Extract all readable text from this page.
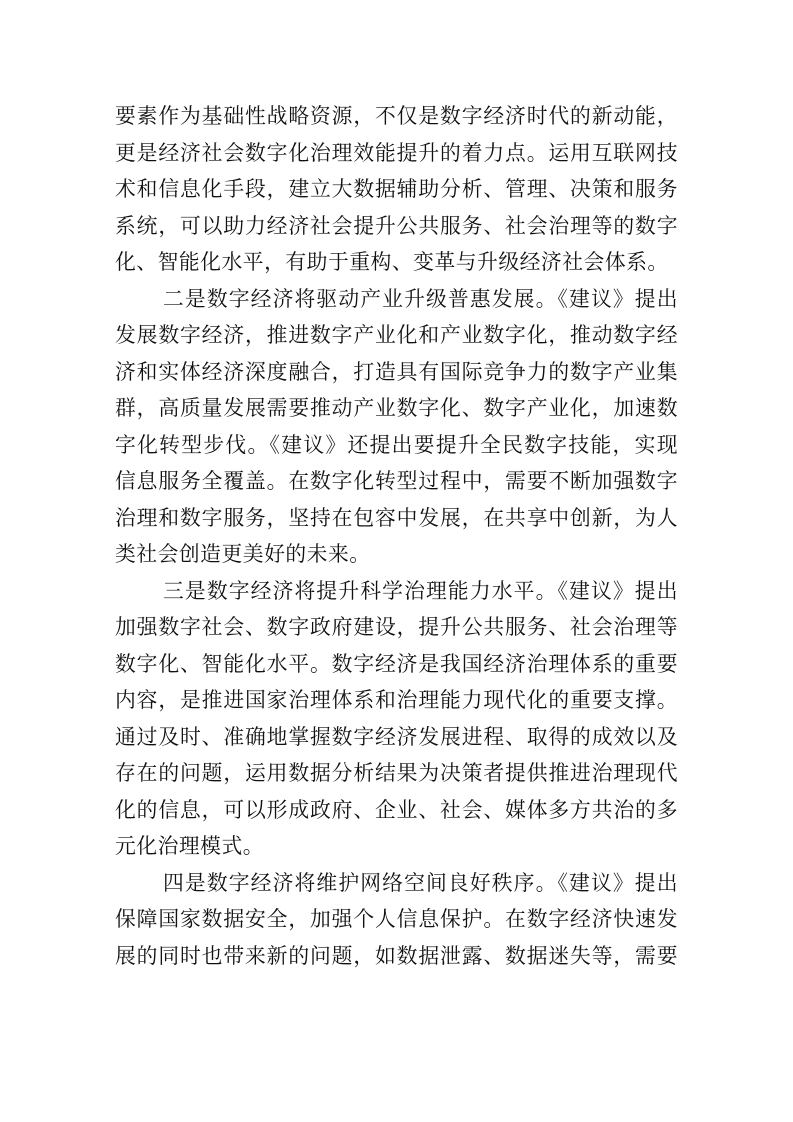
要素作为基础性战略资源，不仅是数字经济时代的新动能，
更是经济社会数字化治理效能提升的着力点。运用互联网技
术和信息化手段，建立大数据辅助分析、管理、决策和服务
系统，可以助力经济社会提升公共服务、社会治理等的数字
化、智能化水平，有助于重构、变革与升级经济社会体系。
二是数字经济将驱动产业升级普惠发展。《建议》提出
发展数字经济，推进数字产业化和产业数字化，推动数字经
济和实体经济深度融合，打造具有国际竞争力的数字产业集
群，高质量发展需要推动产业数字化、数字产业化，加速数
字化转型步伐。《建议》还提出要提升全民数字技能，实现
信息服务全覆盖。在数字化转型过程中，需要不断加强数字
治理和数字服务，坚持在包容中发展，在共享中创新，为人
类社会创造更美好的未来。
三是数字经济将提升科学治理能力水平。《建议》提出
加强数字社会、数字政府建设，提升公共服务、社会治理等
数字化、智能化水平。数字经济是我国经济治理体系的重要
内容，是推进国家治理体系和治理能力现代化的重要支撑。
通过及时、准确地掌握数字经济发展进程、取得的成效以及
存在的问题，运用数据分析结果为决策者提供推进治理现代
化的信息，可以形成政府、企业、社会、媒体多方共治的多
元化治理模式。
四是数字经济将维护网络空间良好秩序。《建议》提出
保障国家数据安全，加强个人信息保护。在数字经济快速发
展的同时也带来新的问题，如数据泄露、数据迷失等，需要
